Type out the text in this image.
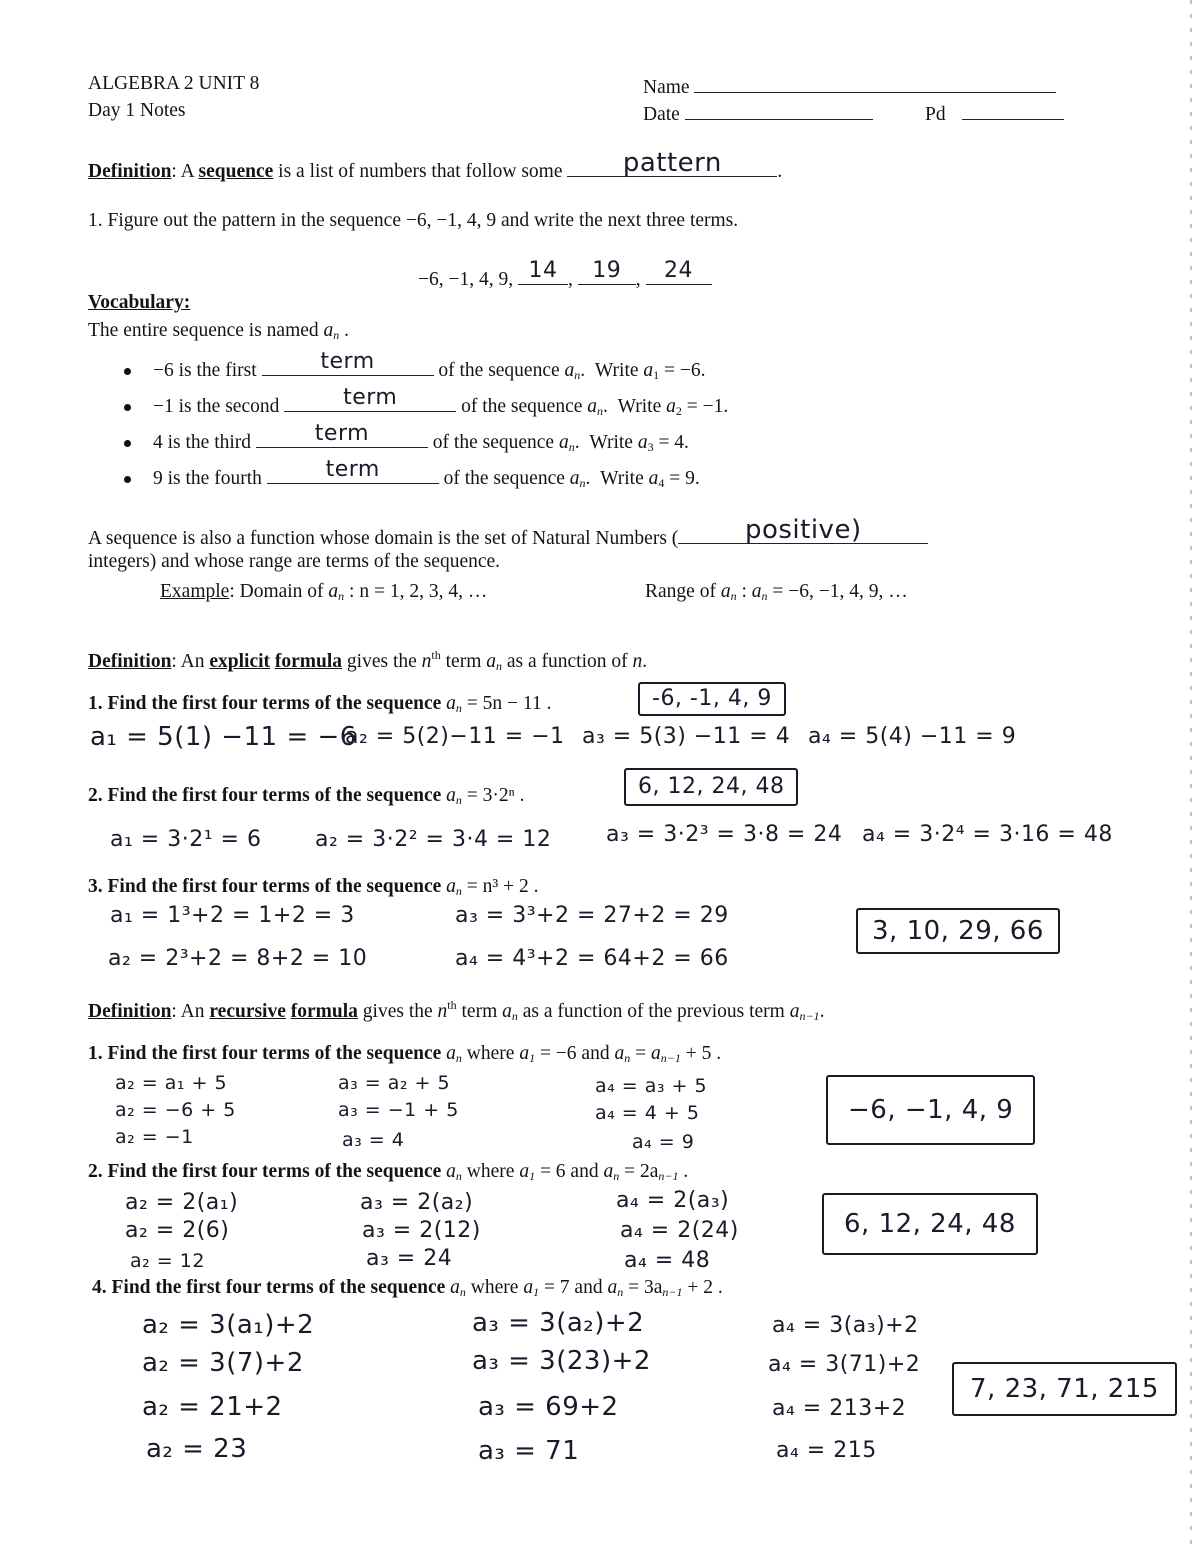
ALGEBRA 2 UNIT 8
Day 1 Notes
Name
Date	Pd
Definition: A sequence is a list of numbers that follow some	pattern	.
1. Figure out the pattern in the sequence −6, −1, 4, 9 and write the next three terms.
−6, −1, 4, 9, 14 , 19 , 24
Vocabulary:
The entire sequence is named $a_n$ .
−6 is the first	term	of the sequence $a_n$.  Write $a_1 = -6$.
−1 is the second	term	of the sequence $a_n$.  Write $a_2 = -1$.
4 is the third	term	of the sequence $a_n$.  Write $a_3 = 4$.
9 is the fourth	term	of the sequence $a_n$.  Write $a_4 = 9$.
A sequence is also a function whose domain is the set of Natural Numbers (	positive)
integers) and whose range are terms of the sequence.
Example: Domain of $a_n$ : n = 1, 2, 3, 4, …	Range of $a_n$ : $a_n = -6$, −1, 4, 9, …
Definition: An explicit formula gives the $n^{th}$ term $a_n$ as a function of n.
1. Find the first four terms of the sequence $a_n = 5n - 11$ .	-6, -1, 4, 9
a₁ = 5(1) −11 = −6
a₂ = 5(2)−11 = −1 a₃ = 5(3) −11 = 4 a₄ = 5(4) −11 = 9
2. Find the first four terms of the sequence $a_n = 3\cdot 2^n$ .	6, 12, 24, 48
a₁ = 3·2¹ = 6 a₂ = 3·2² = 3·4 = 12 a₃ = 3·2³ = 3·8 = 24 a₄ = 3·2⁴ = 3·16 = 48
3. Find the first four terms of the sequence $a_n = n^3 + 2$ .
a₁ = 1³+2 = 1+2 = 3
a₂ = 2³+2 = 8+2 = 10
a₃ = 3³+2 = 27+2 = 29
a₄ = 4³+2 = 64+2 = 66
3, 10, 29, 66
Definition: An recursive formula gives the $n^{th}$ term $a_n$ as a function of the previous term $a_{n-1}$.
1. Find the first four terms of the sequence $a_n$ where $a_1 = -6$ and $a_n = a_{n-1} + 5$ .
a₂ = a₁ + 5
a₂ = −6 + 5
a₂ = −1
a₃ = a₂ + 5
a₃ = −1 + 5
a₃ = 4
a₄ = a₃ + 5
a₄ = 4 + 5
a₄ = 9
−6, −1, 4, 9
2. Find the first four terms of the sequence $a_n$ where $a_1 = 6$ and $a_n = 2a_{n-1}$ .
a₂ = 2(a₁)
a₂ = 2(6)
a₂ = 12
a₃ = 2(a₂)
a₃ = 2(12)
a₃ = 24
a₄ = 2(a₃)
a₄ = 2(24)
a₄ = 48
6, 12, 24, 48
4. Find the first four terms of the sequence $a_n$ where $a_1 = 7$ and $a_n = 3a_{n-1} + 2$ .
a₂ = 3(a₁)+2
a₂ = 3(7)+2
a₂ = 21+2
a₂ = 23
a₃ = 3(a₂)+2
a₃ = 3(23)+2
a₃ = 69+2
a₃ = 71
a₄ = 3(a₃)+2
a₄ = 3(71)+2
a₄ = 213+2
a₄ = 215
7, 23, 71, 215
